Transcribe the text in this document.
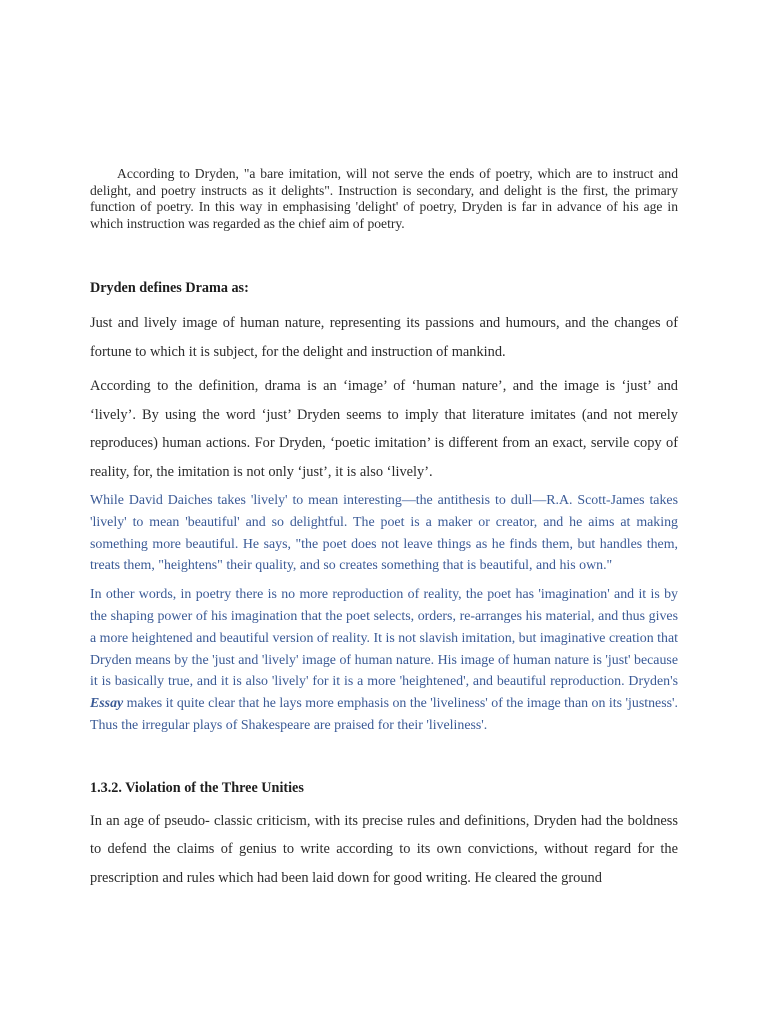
According to Dryden, "a bare imitation, will not serve the ends of poetry, which are to instruct and delight, and poetry instructs as it delights". Instruction is secondary, and delight is the first, the primary function of poetry. In this way in emphasising 'delight' of poetry, Dryden is far in advance of his age in which instruction was regarded as the chief aim of poetry.

Dryden defines Drama as:

Just and lively image of human nature, representing its passions and humours, and the changes of fortune to which it is subject, for the delight and instruction of mankind.

According to the definition, drama is an ‘image’ of ‘human nature’, and the image is ‘just’ and ‘lively’. By using the word ‘just’ Dryden seems to imply that literature imitates (and not merely reproduces) human actions. For Dryden, ‘poetic imitation’ is different from an exact, servile copy of reality, for, the imitation is not only ‘just’, it is also ‘lively’.

While David Daiches takes 'lively' to mean interesting—the antithesis to dull—R.A. Scott-James takes 'lively' to mean 'beautiful' and so delightful. The poet is a maker or creator, and he aims at making something more beautiful. He says, "the poet does not leave things as he finds them, but handles them, treats them, "heightens" their quality, and so creates something that is beautiful, and his own."

In other words, in poetry there is no more reproduction of reality, the poet has 'imagination' and it is by the shaping power of his imagination that the poet selects, orders, re-arranges his material, and thus gives a more heightened and beautiful version of reality. It is not slavish imitation, but imaginative creation that Dryden means by the 'just and 'lively' image of human nature. His image of human nature is 'just' because it is basically true, and it is also 'lively' for it is a more 'heightened', and beautiful reproduction. Dryden's Essay makes it quite clear that he lays more emphasis on the 'liveliness' of the image than on its 'justness'. Thus the irregular plays of Shakespeare are praised for their 'liveliness'.

1.3.2. Violation of the Three Unities

In an age of pseudo- classic criticism, with its precise rules and definitions, Dryden had the boldness to defend the claims of genius to write according to its own convictions, without regard for the prescription and rules which had been laid down for good writing. He cleared the ground
